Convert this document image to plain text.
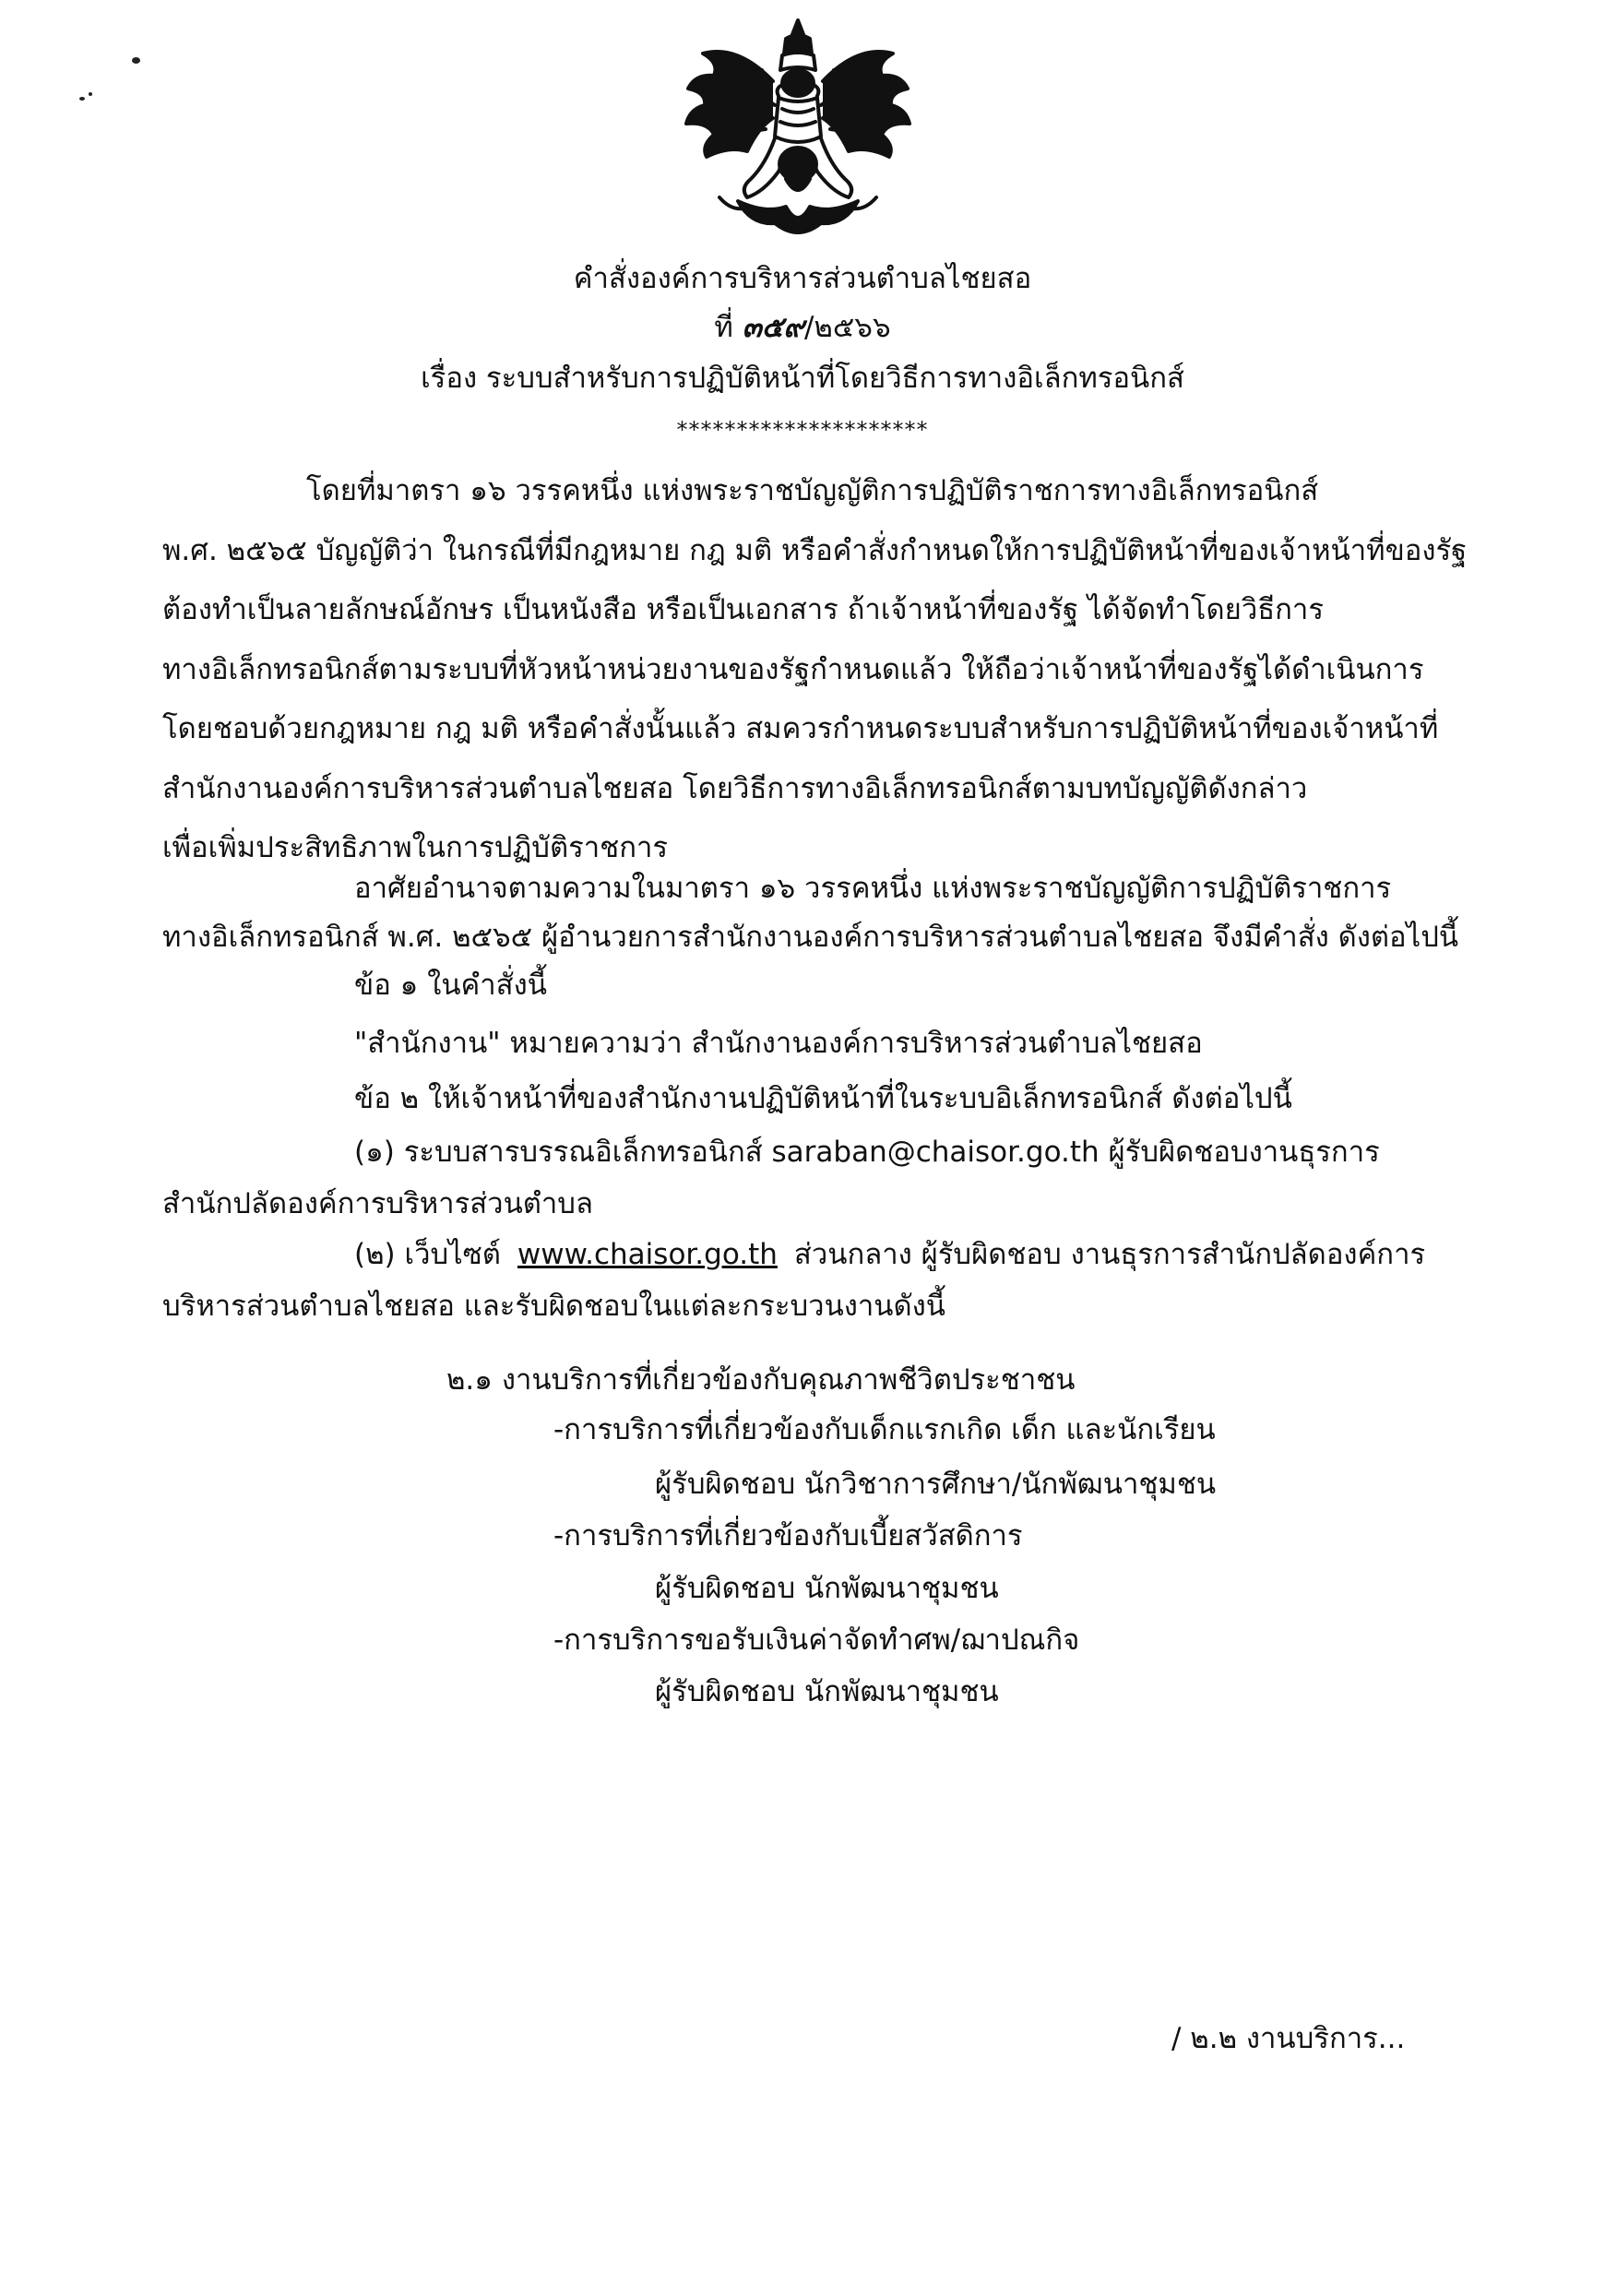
คำสั่งองค์การบริหารส่วนตำบลไชยสอ
ที่ ๓๕๙/๒๕๖๖
เรื่อง ระบบสำหรับการปฏิบัติหน้าที่โดยวิธีการทางอิเล็กทรอนิกส์
*********************
โดยที่มาตรา ๑๖ วรรคหนึ่ง แห่งพระราชบัญญัติการปฏิบัติราชการทางอิเล็กทรอนิกส์
พ.ศ. ๒๕๖๕ บัญญัติว่า ในกรณีที่มีกฎหมาย กฎ มติ หรือคำสั่งกำหนดให้การปฏิบัติหน้าที่ของเจ้าหน้าที่ของรัฐ
ต้องทำเป็นลายลักษณ์อักษร เป็นหนังสือ หรือเป็นเอกสาร ถ้าเจ้าหน้าที่ของรัฐ ได้จัดทำโดยวิธีการ
ทางอิเล็กทรอนิกส์ตามระบบที่หัวหน้าหน่วยงานของรัฐกำหนดแล้ว ให้ถือว่าเจ้าหน้าที่ของรัฐได้ดำเนินการ
โดยชอบด้วยกฎหมาย กฎ มติ หรือคำสั่งนั้นแล้ว สมควรกำหนดระบบสำหรับการปฏิบัติหน้าที่ของเจ้าหน้าที่
สำนักงานองค์การบริหารส่วนตำบลไชยสอ โดยวิธีการทางอิเล็กทรอนิกส์ตามบทบัญญัติดังกล่าว
เพื่อเพิ่มประสิทธิภาพในการปฏิบัติราชการ
อาศัยอำนาจตามความในมาตรา ๑๖ วรรคหนึ่ง แห่งพระราชบัญญัติการปฏิบัติราชการ
ทางอิเล็กทรอนิกส์ พ.ศ. ๒๕๖๕ ผู้อำนวยการสำนักงานองค์การบริหารส่วนตำบลไชยสอ จึงมีคำสั่ง ดังต่อไปนี้
ข้อ ๑ ในคำสั่งนี้
"สำนักงาน" หมายความว่า สำนักงานองค์การบริหารส่วนตำบลไชยสอ
ข้อ ๒ ให้เจ้าหน้าที่ของสำนักงานปฏิบัติหน้าที่ในระบบอิเล็กทรอนิกส์ ดังต่อไปนี้
(๑) ระบบสารบรรณอิเล็กทรอนิกส์ saraban@chaisor.go.th ผู้รับผิดชอบงานธุรการ
สำนักปลัดองค์การบริหารส่วนตำบล
(๒) เว็บไซต์ www.chaisor.go.th ส่วนกลาง ผู้รับผิดชอบ งานธุรการสำนักปลัดองค์การ
บริหารส่วนตำบลไชยสอ และรับผิดชอบในแต่ละกระบวนงานดังนี้
๒.๑ งานบริการที่เกี่ยวข้องกับคุณภาพชีวิตประชาชน
-การบริการที่เกี่ยวข้องกับเด็กแรกเกิด เด็ก และนักเรียน
ผู้รับผิดชอบ นักวิชาการศึกษา/นักพัฒนาชุมชน
-การบริการที่เกี่ยวข้องกับเบี้ยสวัสดิการ
ผู้รับผิดชอบ นักพัฒนาชุมชน
-การบริการขอรับเงินค่าจัดทำศพ/ฌาปณกิจ
ผู้รับผิดชอบ นักพัฒนาชุมชน
/ ๒.๒ งานบริการ...
